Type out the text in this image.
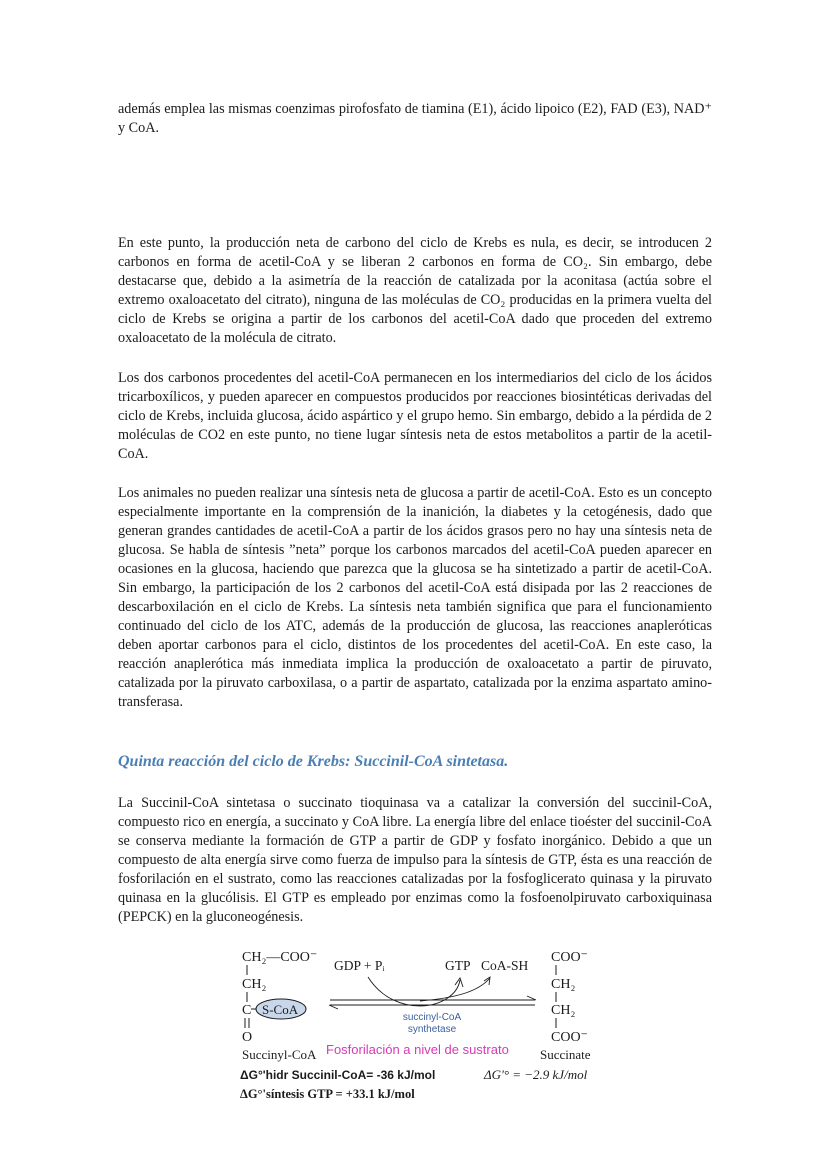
además emplea las mismas coenzimas pirofosfato de tiamina (E1), ácido lipoico (E2), FAD (E3), NAD⁺ y CoA.

En este punto, la producción neta de carbono del ciclo de Krebs es nula, es decir, se introducen 2 carbonos en forma de acetil-CoA y se liberan 2 carbonos en forma de CO₂. Sin embargo, debe destacarse que, debido a la asimetría de la reacción de catalizada por la aconitasa (actúa sobre el extremo oxaloacetato del citrato), ninguna de las moléculas de CO₂ producidas en la primera vuelta del ciclo de Krebs se origina a partir de los carbonos del acetil-CoA dado que proceden del extremo oxaloacetato de la molécula de citrato.

Los dos carbonos procedentes del acetil-CoA permanecen en los intermediarios del ciclo de los ácidos tricarboxílicos, y pueden aparecer en compuestos producidos por reacciones biosintéticas derivadas del ciclo de Krebs, incluida glucosa, ácido aspártico y el grupo hemo. Sin embargo, debido a la pérdida de 2 moléculas de CO2 en este punto, no tiene lugar síntesis neta de estos metabolitos a partir de la acetil-CoA.

Los animales no pueden realizar una síntesis neta de glucosa a partir de acetil-CoA. Esto es un concepto especialmente importante en la comprensión de la inanición, la diabetes y la cetogénesis, dado que generan grandes cantidades de acetil-CoA a partir de los ácidos grasos pero no hay una síntesis neta de glucosa. Se habla de síntesis ”neta” porque los carbonos marcados del acetil-CoA pueden aparecer en ocasiones en la glucosa, haciendo que parezca que la glucosa se ha sintetizado a partir de acetil-CoA. Sin embargo, la participación de los 2 carbonos del acetil-CoA está disipada por las 2 reacciones de descarboxilación en el ciclo de Krebs. La síntesis neta también significa que para el funcionamiento continuado del ciclo de los ATC, además de la producción de glucosa, las reacciones anapleróticas deben aportar carbonos para el ciclo, distintos de los procedentes del acetil-CoA. En este caso, la reacción anaplerótica más inmediata implica la producción de oxaloacetato a partir de piruvato, catalizada por la piruvato carboxilasa, o a partir de aspartato, catalizada por la enzima aspartato amino-transferasa.

Quinta reacción del ciclo de Krebs: Succinil-CoA sintetasa.

La Succinil-CoA sintetasa o succinato tioquinasa va a catalizar la conversión del succinil-CoA, compuesto rico en energía, a succinato y CoA libre. La energía libre del enlace tioéster del succinil-CoA se conserva mediante la formación de GTP a partir de GDP y fosfato inorgánico. Debido a que un compuesto de alta energía sirve como fuerza de impulso para la síntesis de GTP, ésta es una reacción de fosforilación en el sustrato, como las reacciones catalizadas por la fosfoglicerato quinasa y la piruvato quinasa en la glucólisis. El GTP es empleado por enzimas como la fosfoenolpiruvato carboxiquinasa (PEPCK) en la gluconeogénesis.

CH₂—COO⁻
CH₂
C S-CoA
O
Succinyl-CoA
GDP + Pᵢ	GTP CoA-SH
succinyl-CoA
synthetase
COO⁻
CH₂
CH₂
COO⁻
Succinate
Fosforilación a nivel de sustrato
ΔG°'hidr Succinil-CoA= -36 kJ/mol
ΔG°'síntesis GTP = +33.1 kJ/mol
ΔG'° = −2.9 kJ/mol
